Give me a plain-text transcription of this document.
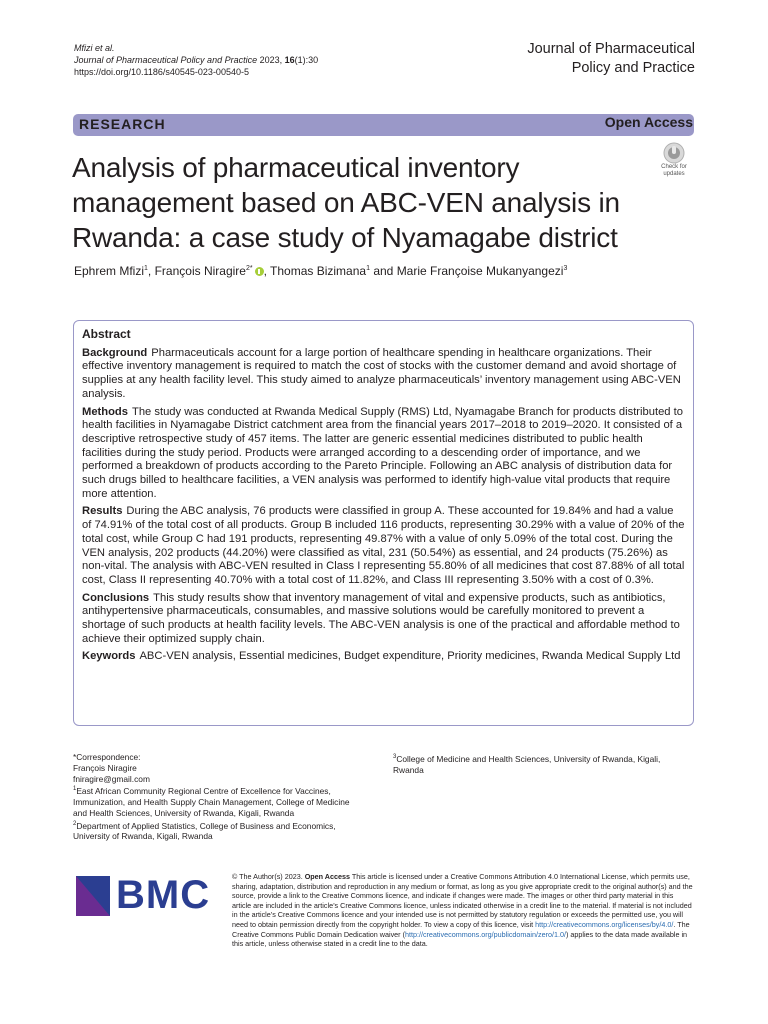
Mfizi et al.
Journal of Pharmaceutical Policy and Practice 2023, 16(1):30
https://doi.org/10.1186/s40545-023-00540-5
Journal of Pharmaceutical
Policy and Practice
RESEARCH	Open Access
Analysis of pharmaceutical inventory management based on ABC-VEN analysis in Rwanda: a case study of Nyamagabe district
Check for
updates
Ephrem Mfizi$^1$, François Niragire$^{2*}$ , Thomas Bizimana$^1$ and Marie Françoise Mukanyangezi$^3$
Abstract

Background Pharmaceuticals account for a large portion of healthcare spending in healthcare organizations. Their effective inventory management is required to match the cost of stocks with the customer demand and avoid shortage of supplies at any health facility level. This study aimed to analyze pharmaceuticals’ inventory management using ABC-VEN analysis.

Methods The study was conducted at Rwanda Medical Supply (RMS) Ltd, Nyamagabe Branch for products distributed to health facilities in Nyamagabe District catchment area from the financial years 2017–2018 to 2019–2020. It consisted of a descriptive retrospective study of 457 items. The latter are generic essential medicines distributed to public health facilities during the study period. Products were arranged according to a descending order of importance, and we performed a breakdown of products according to the Pareto Principle. Following an ABC analysis of distribution data for such drugs billed to healthcare facilities, a VEN analysis was performed to identify high-value vital products that require more attention.

Results During the ABC analysis, 76 products were classified in group A. These accounted for 19.84% and had a value of 74.91% of the total cost of all products. Group B included 116 products, representing 30.29% with a value of 20% of the total cost, while Group C had 191 products, representing 49.87% with a value of only 5.09% of the total cost. During the VEN analysis, 202 products (44.20%) were classified as vital, 231 (50.54%) as essential, and 24 products (75.26%) as non-vital. The analysis with ABC-VEN resulted in Class I representing 55.80% of all medicines that cost 87.88% of all total cost, Class II representing 40.70% with a total cost of 11.82%, and Class III representing 3.50% with a cost of 0.3%.

Conclusions This study results show that inventory management of vital and expensive products, such as antibiotics, antihypertensive pharmaceuticals, consumables, and massive solutions would be carefully monitored to prevent a shortage of such products at health facility levels. The ABC-VEN analysis is one of the practical and affordable method to achieve their optimized supply chain.

Keywords ABC-VEN analysis, Essential medicines, Budget expenditure, Priority medicines, Rwanda Medical Supply Ltd

*Correspondence:
François Niragire
fniragire@gmail.com
$^1$East African Community Regional Centre of Excellence for Vaccines, Immunization, and Health Supply Chain Management, College of Medicine and Health Sciences, University of Rwanda, Kigali, Rwanda
$^2$Department of Applied Statistics, College of Business and Economics, University of Rwanda, Kigali, Rwanda
$^3$College of Medicine and Health Sciences, University of Rwanda, Kigali, Rwanda
BMC	© The Author(s) 2023. Open Access This article is licensed under a Creative Commons Attribution 4.0 International License, which permits use, sharing, adaptation, distribution and reproduction in any medium or format, as long as you give appropriate credit to the original author(s) and the source, provide a link to the Creative Commons licence, and indicate if changes were made. The images or other third party material in this article are included in the article’s Creative Commons licence, unless indicated otherwise in a credit line to the material. If material is not included in the article’s Creative Commons licence and your intended use is not permitted by statutory regulation or exceeds the permitted use, you will need to obtain permission directly from the copyright holder. To view a copy of this licence, visit http://creativecommons.org/licenses/by/4.0/. The Creative Commons Public Domain Dedication waiver (http://creativecommons.org/publicdomain/zero/1.0/) applies to the data made available in this article, unless otherwise stated in a credit line to the data.
